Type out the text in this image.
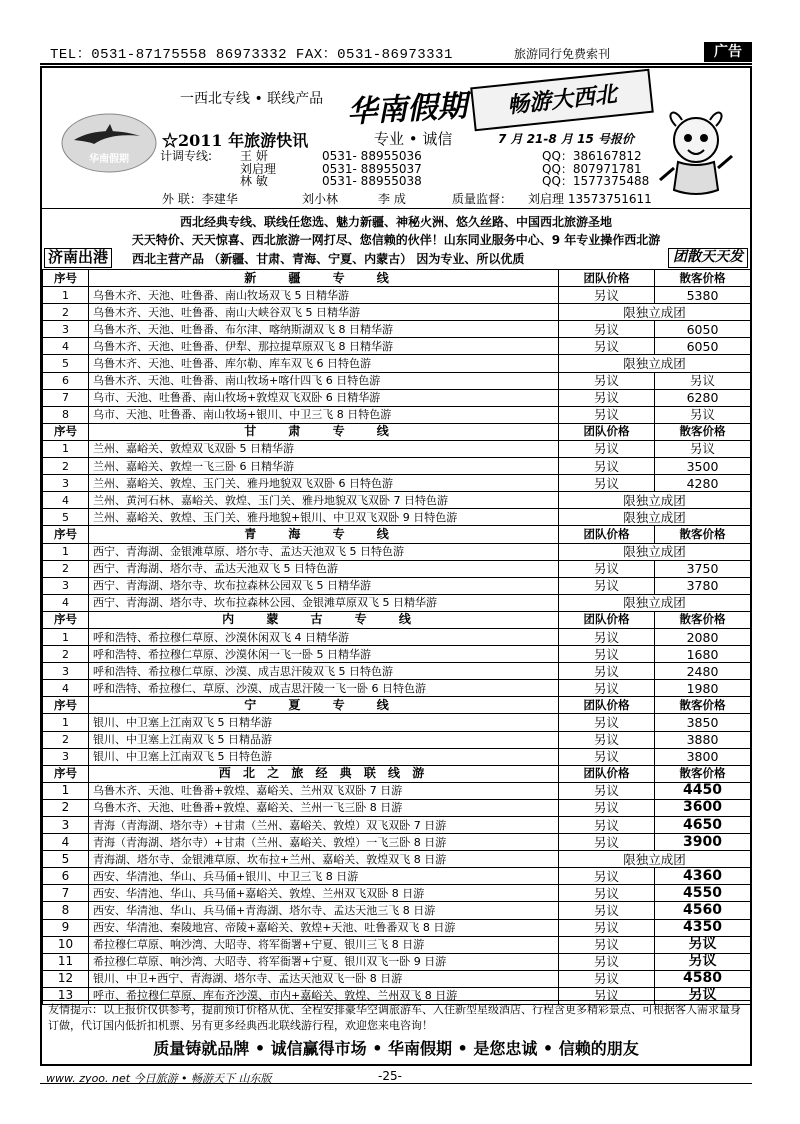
TEL：0531-87175558 86973332 FAX：0531-86973331	旅游同行免费索刊	广告
一西北专线 • 联线产品 华南假期	畅游大西北
华南假期
☆2011 年旅游快讯	专业 • 诚信	7 月 21-8 月 15 号报价
计调专线: 王 妍	0531- 88955036	QQ：386167812
刘启理	0531- 88955037	QQ：807971781
林 敏	0531- 88955038	QQ：1577375488
外 联：李建华	刘小林	李 成	质量监督： 刘启理 13573751611
西北经典专线、联线任您选、魅力新疆、神秘火洲、悠久丝路、中国西北旅游圣地
天天特价、天天惊喜、西北旅游一网打尽、您信赖的伙伴！山东同业服务中心、9 年专业操作西北游
济南出港	西北主营产品 （新疆、甘肃、青海、宁夏、内蒙古） 因为专业、所以优质	团散天天发
序号	新 疆 专 线	团队价格	散客价格
1	乌鲁木齐、天池、吐鲁番、南山牧场双飞 5 日精华游	另议	5380
2	乌鲁木齐、天池、吐鲁番、南山大峡谷双飞 5 日精华游	限独立成团	
3	乌鲁木齐、天池、吐鲁番、布尔津、喀纳斯湖双飞 8 日精华游	另议	6050
4	乌鲁木齐、天池、吐鲁番、伊犁、那拉提草原双飞 8 日精华游	另议	6050
5	乌鲁木齐、天池、吐鲁番、库尔勒、库车双飞 6 日特色游	限独立成团	
6	乌鲁木齐、天池、吐鲁番、南山牧场+喀什四飞 6 日特色游	另议	另议
7	乌市、天池、吐鲁番、南山牧场+敦煌双飞双卧 6 日精华游	另议	6280
8	乌市、天池、吐鲁番、南山牧场+银川、中卫三飞 8 日特色游	另议	另议
序号	甘 肃 专 线	团队价格	散客价格
1	兰州、嘉峪关、敦煌双飞双卧 5 日精华游	另议	另议
2	兰州、嘉峪关、敦煌一飞三卧 6 日精华游	另议	3500
3	兰州、嘉峪关、敦煌、玉门关、雅丹地貌双飞双卧 6 日特色游	另议	4280
4	兰州、黄河石林、嘉峪关、敦煌、玉门关、雅丹地貌双飞双卧 7 日特色游	限独立成团	
5	兰州、嘉峪关、敦煌、玉门关、雅丹地貌+银川、中卫双飞双卧 9 日特色游	限独立成团	
序号	青 海 专 线	团队价格	散客价格
1	西宁、青海湖、金银滩草原、塔尔寺、孟达天池双飞 5 日特色游	限独立成团	
2	西宁、青海湖、塔尔寺、孟达天池双飞 5 日特色游	另议	3750
3	西宁、青海湖、塔尔寺、坎布拉森林公园双飞 5 日精华游	另议	3780
4	西宁、青海湖、塔尔寺、坎布拉森林公园、金银滩草原双飞 5 日精华游	限独立成团	
序号	内 蒙 古 专 线	团队价格	散客价格
1	呼和浩特、希拉穆仁草原、沙漠休闲双飞 4 日精华游	另议	2080
2	呼和浩特、希拉穆仁草原、沙漠休闲一飞一卧 5 日精华游	另议	1680
3	呼和浩特、希拉穆仁草原、沙漠、成吉思汗陵双飞 5 日特色游	另议	2480
4	呼和浩特、希拉穆仁、草原、沙漠、成吉思汗陵一飞一卧 6 日特色游	另议	1980
序号	宁 夏 专 线	团队价格	散客价格
1	银川、中卫塞上江南双飞 5 日精华游	另议	3850
2	银川、中卫塞上江南双飞 5 日精品游	另议	3880
3	银川、中卫塞上江南双飞 5 日特色游	另议	3800
序号	西 北 之 旅 经 典 联 线 游	团队价格	散客价格
1	乌鲁木齐、天池、吐鲁番+敦煌、嘉峪关、兰州双飞双卧 7 日游	另议	4450
2	乌鲁木齐、天池、吐鲁番+敦煌、嘉峪关、兰州一飞三卧 8 日游	另议	3600
3	青海（青海湖、塔尔寺）+甘肃（兰州、嘉峪关、敦煌）双飞双卧 7 日游	另议	4650
4	青海（青海湖、塔尔寺）+甘肃（兰州、嘉峪关、敦煌）一飞三卧 8 日游	另议	3900
5	青海湖、塔尔寺、金银滩草原、坎布拉+兰州、嘉峪关、敦煌双飞 8 日游	限独立成团	
6	西安、华清池、华山、兵马俑+银川、中卫三飞 8 日游	另议	4360
7	西安、华清池、华山、兵马俑+嘉峪关、敦煌、兰州双飞双卧 8 日游	另议	4550
8	西安、华清池、华山、兵马俑+青海湖、塔尔寺、孟达天池三飞 8 日游	另议	4560
9	西安、华清池、秦陵地宫、帝陵+嘉峪关、敦煌+天池、吐鲁番双飞 8 日游	另议	4350
10	希拉穆仁草原、响沙湾、大昭寺、将军衙署+宁夏、银川三飞 8 日游	另议	另议
11	希拉穆仁草原、响沙湾、大昭寺、将军衙署+宁夏、银川双飞一卧 9 日游	另议	另议
12	银川、中卫+西宁、青海湖、塔尔寺、孟达天池双飞一卧 8 日游	另议	4580
13	呼市、希拉穆仁草原、库布齐沙漠、市内+嘉峪关、敦煌、兰州双飞 8 日游	另议	另议
友情提示：以上报价仅供参考，提前预订价格从优、全程安排豪华空调旅游车、入住新型星级酒店、行程含更多精彩景点、可根据客人需求量身订做，代订国内低折扣机票、另有更多经典西北联线游行程，欢迎您来电咨询！
质量铸就品牌 • 诚信赢得市场 • 华南假期 • 是您忠诚 • 信赖的朋友
www. zyoo. net 今日旅游 • 畅游天下 山东版	-25-
